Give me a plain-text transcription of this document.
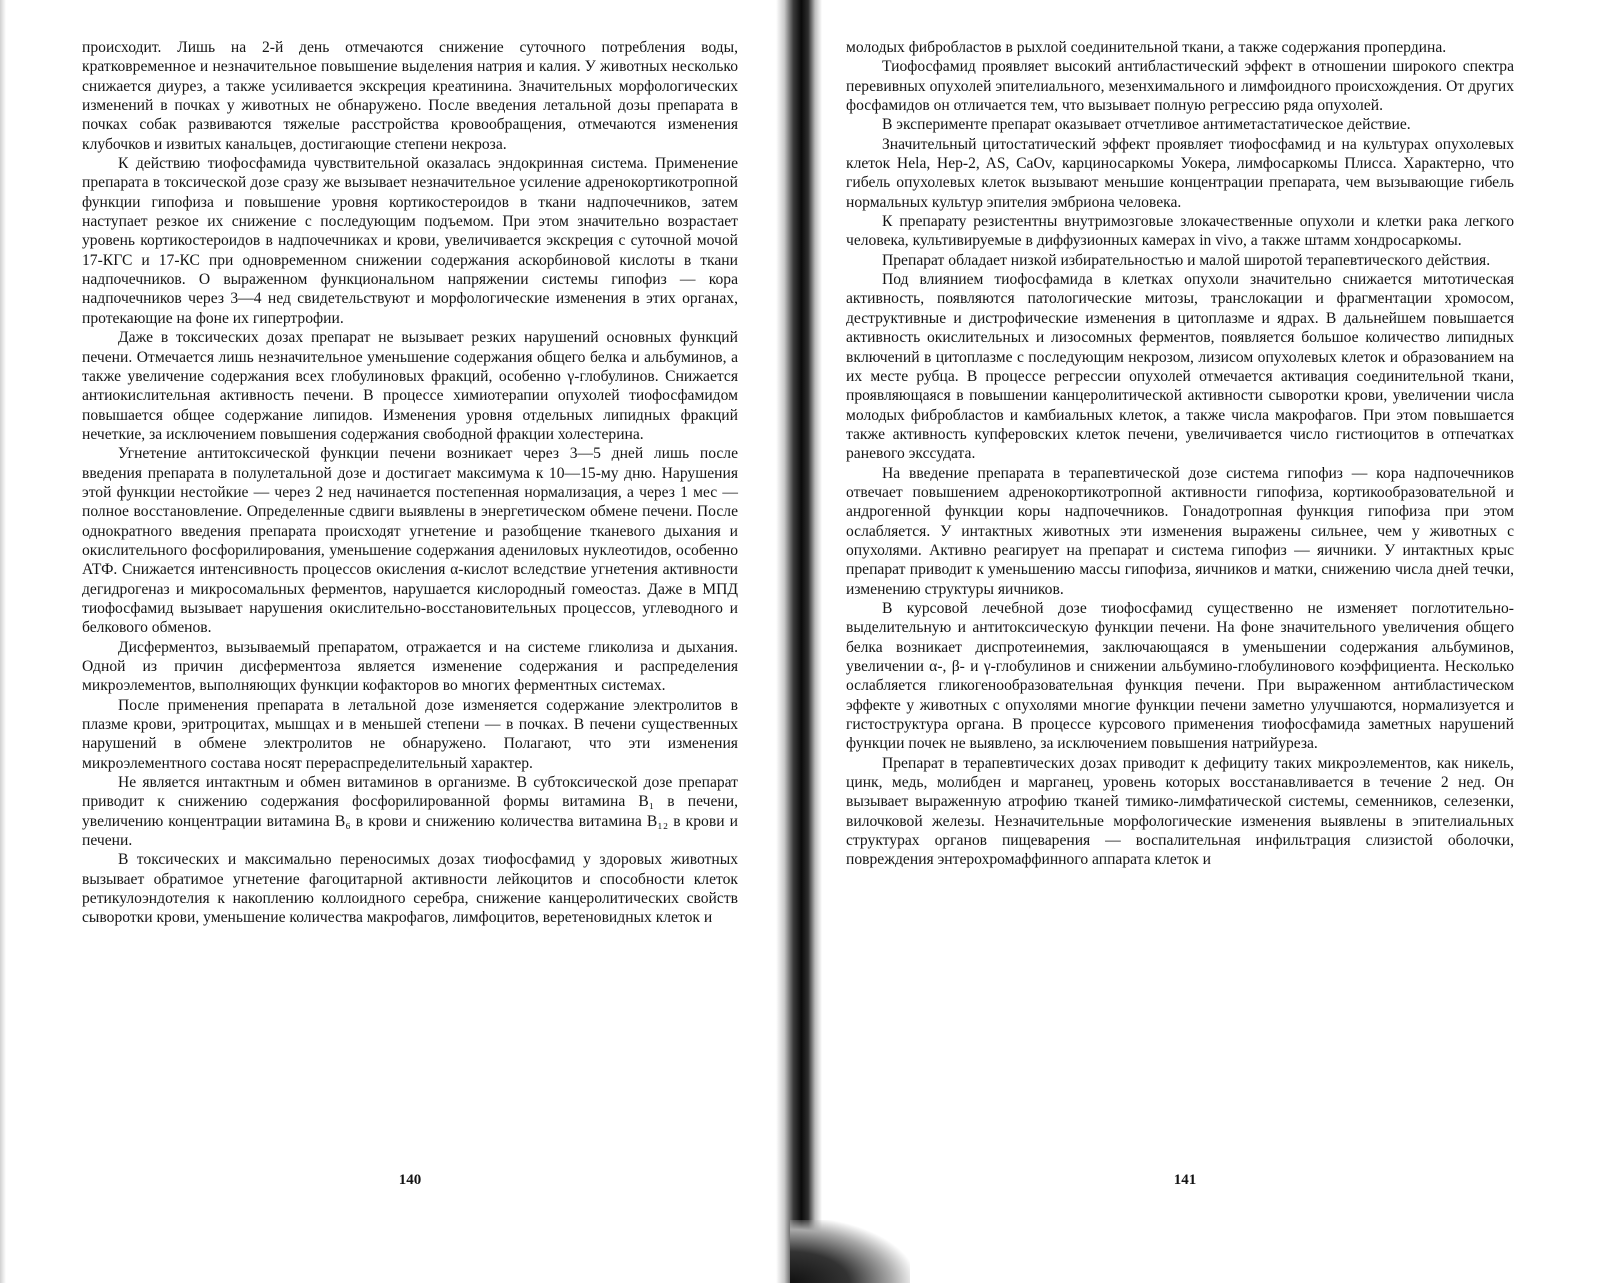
происходит. Лишь на 2-й день отмечаются снижение суточного потребления воды, кратковременное и незначительное повышение выделения натрия и калия. У животных несколько снижается диурез, а также усиливается экскреция креатинина. Значительных морфологических изменений в почках у животных не обнаружено. После введения летальной дозы препарата в почках собак развиваются тяжелые расстройства кровообращения, отмечаются изменения клубочков и извитых канальцев, достигающие степени некроза.

К действию тиофосфамида чувствительной оказалась эндокринная система. Применение препарата в токсической дозе сразу же вызывает незначительное усиление адренокортикотропной функции гипофиза и повышение уровня кортикостероидов в ткани надпочечников, затем наступает резкое их снижение с последующим подъемом. При этом значительно возрастает уровень кортикостероидов в надпочечниках и крови, увеличивается экскреция с суточной мочой 17-КГС и 17-КС при одновременном снижении содержания аскорбиновой кислоты в ткани надпочечников. О выраженном функциональном напряжении системы гипофиз — кора надпочечников через 3—4 нед свидетельствуют и морфологические изменения в этих органах, протекающие на фоне их гипертрофии.

Даже в токсических дозах препарат не вызывает резких нарушений основных функций печени. Отмечается лишь незначительное уменьшение содержания общего белка и альбуминов, а также увеличение содержания всех глобулиновых фракций, особенно γ-глобулинов. Снижается антиокислительная активность печени. В процессе химиотерапии опухолей тиофосфамидом повышается общее содержание липидов. Изменения уровня отдельных липидных фракций нечеткие, за исключением повышения содержания свободной фракции холестерина.

Угнетение антитоксической функции печени возникает через 3—5 дней лишь после введения препарата в полулетальной дозе и достигает максимума к 10—15-му дню. Нарушения этой функции нестойкие — через 2 нед начинается постепенная нормализация, а через 1 мес — полное восстановление. Определенные сдвиги выявлены в энергетическом обмене печени. После однократного введения препарата происходят угнетение и разобщение тканевого дыхания и окислительного фосфорилирования, уменьшение содержания адениловых нуклеотидов, особенно АТФ. Снижается интенсивность процессов окисления α-кислот вследствие угнетения активности дегидрогеназ и микросомальных ферментов, нарушается кислородный гомеостаз. Даже в МПД тиофосфамид вызывает нарушения окислительно-восстановительных процессов, углеводного и белкового обменов.

Дисферментоз, вызываемый препаратом, отражается и на системе гликолиза и дыхания. Одной из причин дисферментоза является изменение содержания и распределения микроэлементов, выполняющих функции кофакторов во многих ферментных системах.

После применения препарата в летальной дозе изменяется содержание электролитов в плазме крови, эритроцитах, мышцах и в меньшей степени — в почках. В печени существенных нарушений в обмене электролитов не обнаружено. Полагают, что эти изменения микроэлементного состава носят перераспределительный характер.

Не является интактным и обмен витаминов в организме. В субтоксической дозе препарат приводит к снижению содержания фосфорилированной формы витамина B₁ в печени, увеличению концентрации витамина B₆ в крови и снижению количества витамина B₁₂ в крови и печени.

В токсических и максимально переносимых дозах тиофосфамид у здоровых животных вызывает обратимое угнетение фагоцитарной активности лейкоцитов и способности клеток ретикулоэндотелия к накоплению коллоидного серебра, снижение канцеролитических свойств сыворотки крови, уменьшение количества макрофагов, лимфоцитов, веретеновидных клеток и

140

молодых фибробластов в рыхлой соединительной ткани, а также содержания пропердина.

Тиофосфамид проявляет высокий антибластический эффект в отношении широкого спектра перевивных опухолей эпителиального, мезенхимального и лимфоидного происхождения. От других фосфамидов он отличается тем, что вызывает полную регрессию ряда опухолей.

В эксперименте препарат оказывает отчетливое антиметастатическое действие.

Значительный цитостатический эффект проявляет тиофосфамид и на культурах опухолевых клеток Hela, Hep-2, AS, CaOv, карциносаркомы Уокера, лимфосаркомы Плисса. Характерно, что гибель опухолевых клеток вызывают меньшие концентрации препарата, чем вызывающие гибель нормальных культур эпителия эмбриона человека.

К препарату резистентны внутримозговые злокачественные опухоли и клетки рака легкого человека, культивируемые в диффузионных камерах in vivo, а также штамм хондросаркомы.

Препарат обладает низкой избирательностью и малой широтой терапевтического действия.

Под влиянием тиофосфамида в клетках опухоли значительно снижается митотическая активность, появляются патологические митозы, транслокации и фрагментации хромосом, деструктивные и дистрофические изменения в цитоплазме и ядрах. В дальнейшем повышается активность окислительных и лизосомных ферментов, появляется большое количество липидных включений в цитоплазме с последующим некрозом, лизисом опухолевых клеток и образованием на их месте рубца. В процессе регрессии опухолей отмечается активация соединительной ткани, проявляющаяся в повышении канцеролитической активности сыворотки крови, увеличении числа молодых фибробластов и камбиальных клеток, а также числа макрофагов. При этом повышается также активность купферовских клеток печени, увеличивается число гистиоцитов в отпечатках раневого экссудата.

На введение препарата в терапевтической дозе система гипофиз — кора надпочечников отвечает повышением адренокортикотропной активности гипофиза, кортикообразовательной и андрогенной функции коры надпочечников. Гонадотропная функция гипофиза при этом ослабляется. У интактных животных эти изменения выражены сильнее, чем у животных с опухолями. Активно реагирует на препарат и система гипофиз — яичники. У интактных крыс препарат приводит к уменьшению массы гипофиза, яичников и матки, снижению числа дней течки, изменению структуры яичников.

В курсовой лечебной дозе тиофосфамид существенно не изменяет поглотительно-выделительную и антитоксическую функции печени. На фоне значительного увеличения общего белка возникает диспротеинемия, заключающаяся в уменьшении содержания альбуминов, увеличении α-, β- и γ-глобулинов и снижении альбумино-глобулинового коэффициента. Несколько ослабляется гликогенообразовательная функция печени. При выраженном антибластическом эффекте у животных с опухолями многие функции печени заметно улучшаются, нормализуется и гистоструктура органа. В процессе курсового применения тиофосфамида заметных нарушений функции почек не выявлено, за исключением повышения натрийуреза.

Препарат в терапевтических дозах приводит к дефициту таких микроэлементов, как никель, цинк, медь, молибден и марганец, уровень которых восстанавливается в течение 2 нед. Он вызывает выраженную атрофию тканей тимико-лимфатической системы, семенников, селезенки, вилочковой железы. Незначительные морфологические изменения выявлены в эпителиальных структурах органов пищеварения — воспалительная инфильтрация слизистой оболочки, повреждения энтерохромаффинного аппарата клеток и

141
